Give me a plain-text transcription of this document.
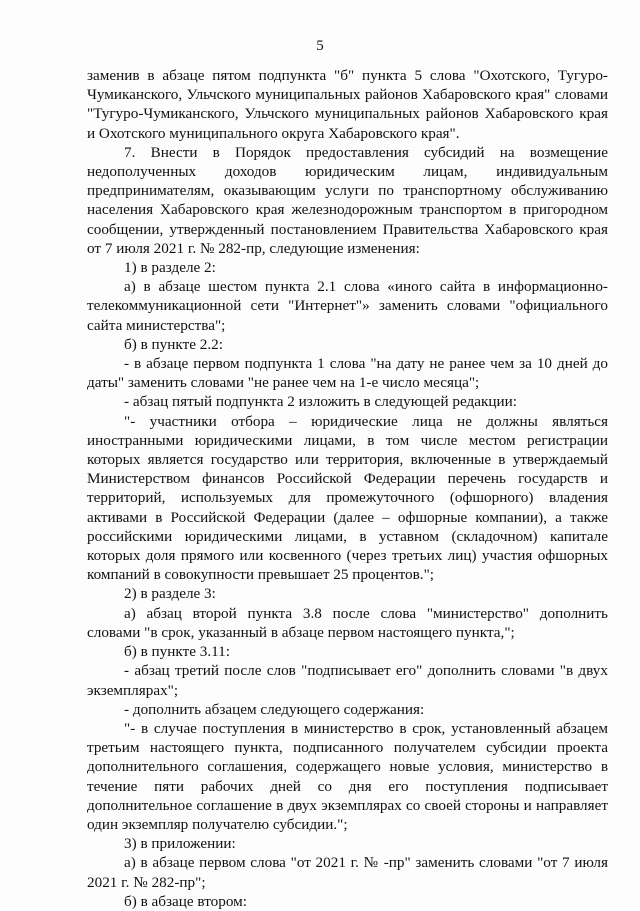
5

заменив в абзаце пятом подпункта "б" пункта 5 слова "Охотского, Тугуро-Чумиканского, Ульчского муниципальных районов Хабаровского края" словами "Тугуро-Чумиканского, Ульчского муниципальных районов Хабаровского края и Охотского муниципального округа Хабаровского края".

7. Внести в Порядок предоставления субсидий на возмещение недополученных доходов юридическим лицам, индивидуальным предпринимателям, оказывающим услуги по транспортному обслуживанию населения Хабаровского края железнодорожным транспортом в пригородном сообщении, утвержденный постановлением Правительства Хабаровского края от 7 июля 2021 г. № 282-пр, следующие изменения:

1) в разделе 2:

а) в абзаце шестом пункта 2.1 слова «иного сайта в информационно-телекоммуникационной сети "Интернет"» заменить словами "официального сайта министерства";

б) в пункте 2.2:

- в абзаце первом подпункта 1 слова "на дату не ранее чем за 10 дней до даты" заменить словами "не ранее чем на 1-е число месяца";

- абзац пятый подпункта 2 изложить в следующей редакции:

"- участники отбора – юридические лица не должны являться иностранными юридическими лицами, в том числе местом регистрации которых является государство или территория, включенные в утверждаемый Министерством финансов Российской Федерации перечень государств и территорий, используемых для промежуточного (офшорного) владения активами в Российской Федерации (далее – офшорные компании), а также российскими юридическими лицами, в уставном (складочном) капитале которых доля прямого или косвенного (через третьих лиц) участия офшорных компаний в совокупности превышает 25 процентов.";

2) в разделе 3:

а) абзац второй пункта 3.8 после слова "министерство" дополнить словами "в срок, указанный в абзаце первом настоящего пункта,";

б) в пункте 3.11:

- абзац третий после слов "подписывает его" дополнить словами "в двух экземплярах";

- дополнить абзацем следующего содержания:

"- в случае поступления в министерство в срок, установленный абзацем третьим настоящего пункта, подписанного получателем субсидии проекта дополнительного соглашения, содержащего новые условия, министерство в течение пяти рабочих дней со дня его поступления подписывает дополнительное соглашение в двух экземплярах со своей стороны и направляет один экземпляр получателю субсидии.";

3) в приложении:

а) в абзаце первом слова "от 2021 г. № -пр" заменить словами "от 7 июля 2021 г. № 282-пр";

б) в абзаце втором:
